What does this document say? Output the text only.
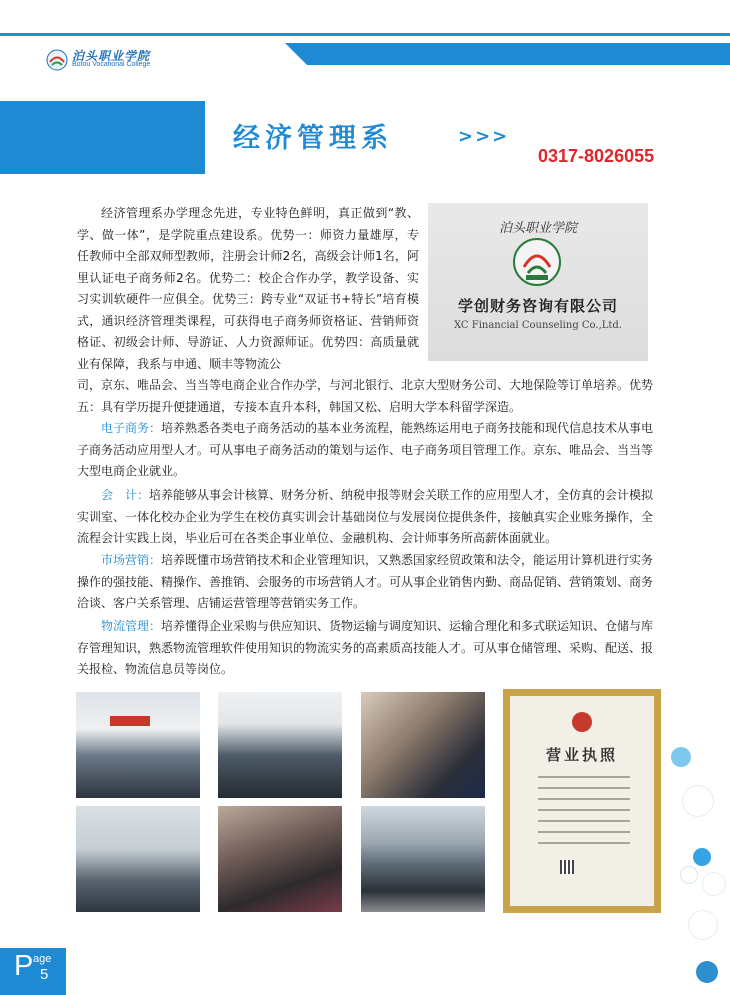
泊头职业学院
Botou Vocational College
经济管理系	>>>
0317-8026055
泊头职业学院
学创财务咨询有限公司
XC Financial Counseling Co.,Ltd.

经济管理系办学理念先进，专业特色鲜明，真正做到“教、学、做一体”，是学院重点建设系。优势一：师资力量雄厚，专任教师中全部双师型教师，注册会计师2名，高级会计师1名，阿里认证电子商务师2名。优势二：校企合作办学，教学设备、实习实训软硬件一应俱全。优势三：跨专业“双证书+特长”培育模式，通识经济管理类课程，可获得电子商务师资格证、营销师资格证、初级会计师、导游证、人力资源师证。优势四：高质量就业有保障，我系与申通、顺丰等物流公

司，京东、唯品会、当当等电商企业合作办学，与河北银行、北京大型财务公司、大地保险等订单培养。优势五：具有学历提升便捷通道，专接本直升本科，韩国又松、启明大学本科留学深造。

电子商务：培养熟悉各类电子商务活动的基本业务流程，能熟练运用电子商务技能和现代信息技术从事电子商务活动应用型人才。可从事电子商务活动的策划与运作、电子商务项目管理工作。京东、唯品会、当当等大型电商企业就业。

会　计：培养能够从事会计核算、财务分析、纳税申报等财会关联工作的应用型人才，全仿真的会计模拟实训室、一体化校办企业为学生在校仿真实训会计基础岗位与发展岗位提供条件，接触真实企业账务操作，全流程会计实践上岗，毕业后可在各类企事业单位、金融机构、会计师事务所高薪体面就业。

市场营销：培养既懂市场营销技术和企业管理知识，又熟悉国家经贸政策和法令，能运用计算机进行实务操作的强技能、精操作、善推销、会服务的市场营销人才。可从事企业销售内勤、商品促销、营销策划、商务洽谈、客户关系管理、店铺运营管理等营销实务工作。

物流管理：培养懂得企业采购与供应知识、货物运输与调度知识、运输合理化和多式联运知识、仓储与库存管理知识，熟悉物流管理软件使用知识的物流实务的高素质高技能人才。可从事仓储管理、采购、配送、报关报检、物流信息员等岗位。

营业执照
P age
5
